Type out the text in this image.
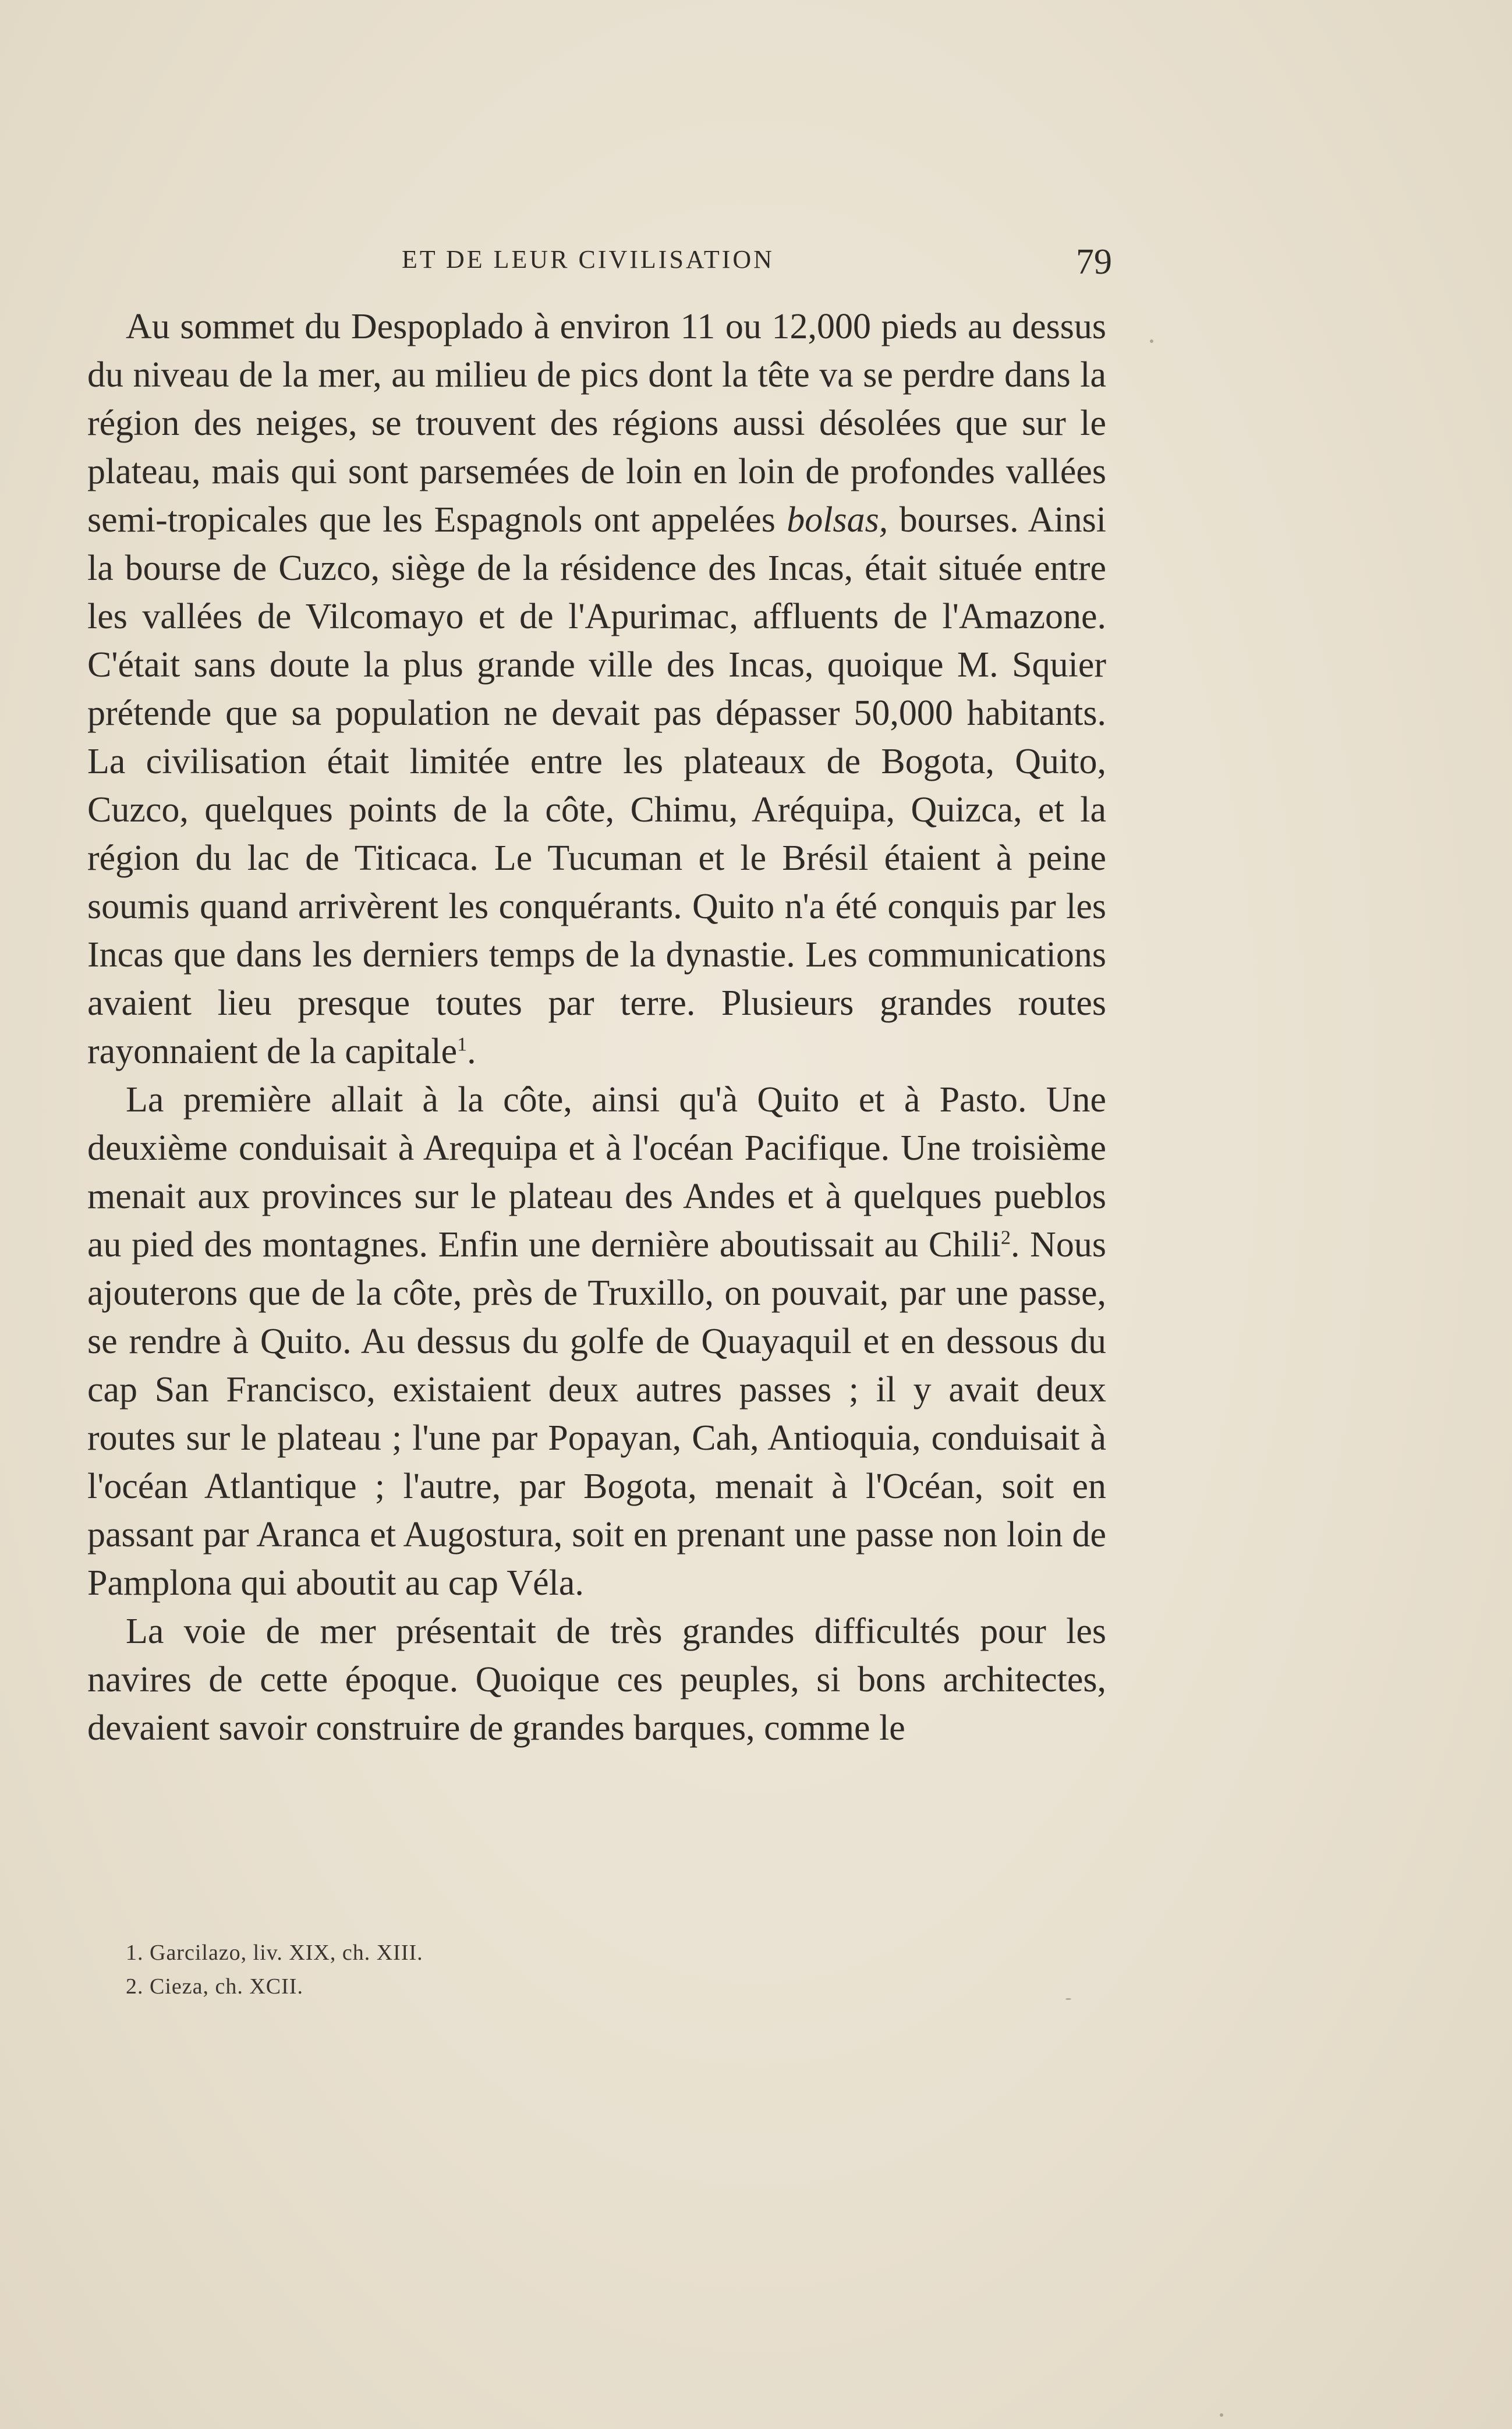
ET DE LEUR CIVILISATION	79

Au sommet du Despoplado à environ 11 ou 12,000 pieds au dessus du niveau de la mer, au milieu de pics dont la tête va se perdre dans la région des neiges, se trouvent des régions aussi désolées que sur le plateau, mais qui sont parsemées de loin en loin de profondes vallées semi-tropicales que les Espagnols ont appelées bolsas, bourses. Ainsi la bourse de Cuzco, siège de la résidence des Incas, était située entre les vallées de Vilcomayo et de l'Apurimac, affluents de l'Amazone. C'était sans doute la plus grande ville des Incas, quoique M. Squier prétende que sa population ne devait pas dépasser 50,000 habitants. La civilisation était limitée entre les plateaux de Bogota, Quito, Cuzco, quelques points de la côte, Chimu, Aréquipa, Quizca, et la région du lac de Titicaca. Le Tucuman et le Brésil étaient à peine soumis quand arrivèrent les conquérants. Quito n'a été conquis par les Incas que dans les derniers temps de la dynastie. Les communications avaient lieu presque toutes par terre. Plusieurs grandes routes rayonnaient de la capitale$^1$.

La première allait à la côte, ainsi qu'à Quito et à Pasto. Une deuxième conduisait à Arequipa et à l'océan Pacifique. Une troisième menait aux provinces sur le plateau des Andes et à quelques pueblos au pied des montagnes. Enfin une dernière aboutissait au Chili$^2$. Nous ajouterons que de la côte, près de Truxillo, on pouvait, par une passe, se rendre à Quito. Au dessus du golfe de Quayaquil et en dessous du cap San Francisco, existaient deux autres passes ; il y avait deux routes sur le plateau ; l'une par Popayan, Cah, Antioquia, conduisait à l'océan Atlantique ; l'autre, par Bogota, menait à l'Océan, soit en passant par Aranca et Augostura, soit en prenant une passe non loin de Pamplona qui aboutit au cap Véla.

La voie de mer présentait de très grandes difficultés pour les navires de cette époque. Quoique ces peuples, si bons architectes, devaient savoir construire de grandes barques, comme le

1. Garcilazo, liv. XIX, ch. XIII.
2. Cieza, ch. XCII.
